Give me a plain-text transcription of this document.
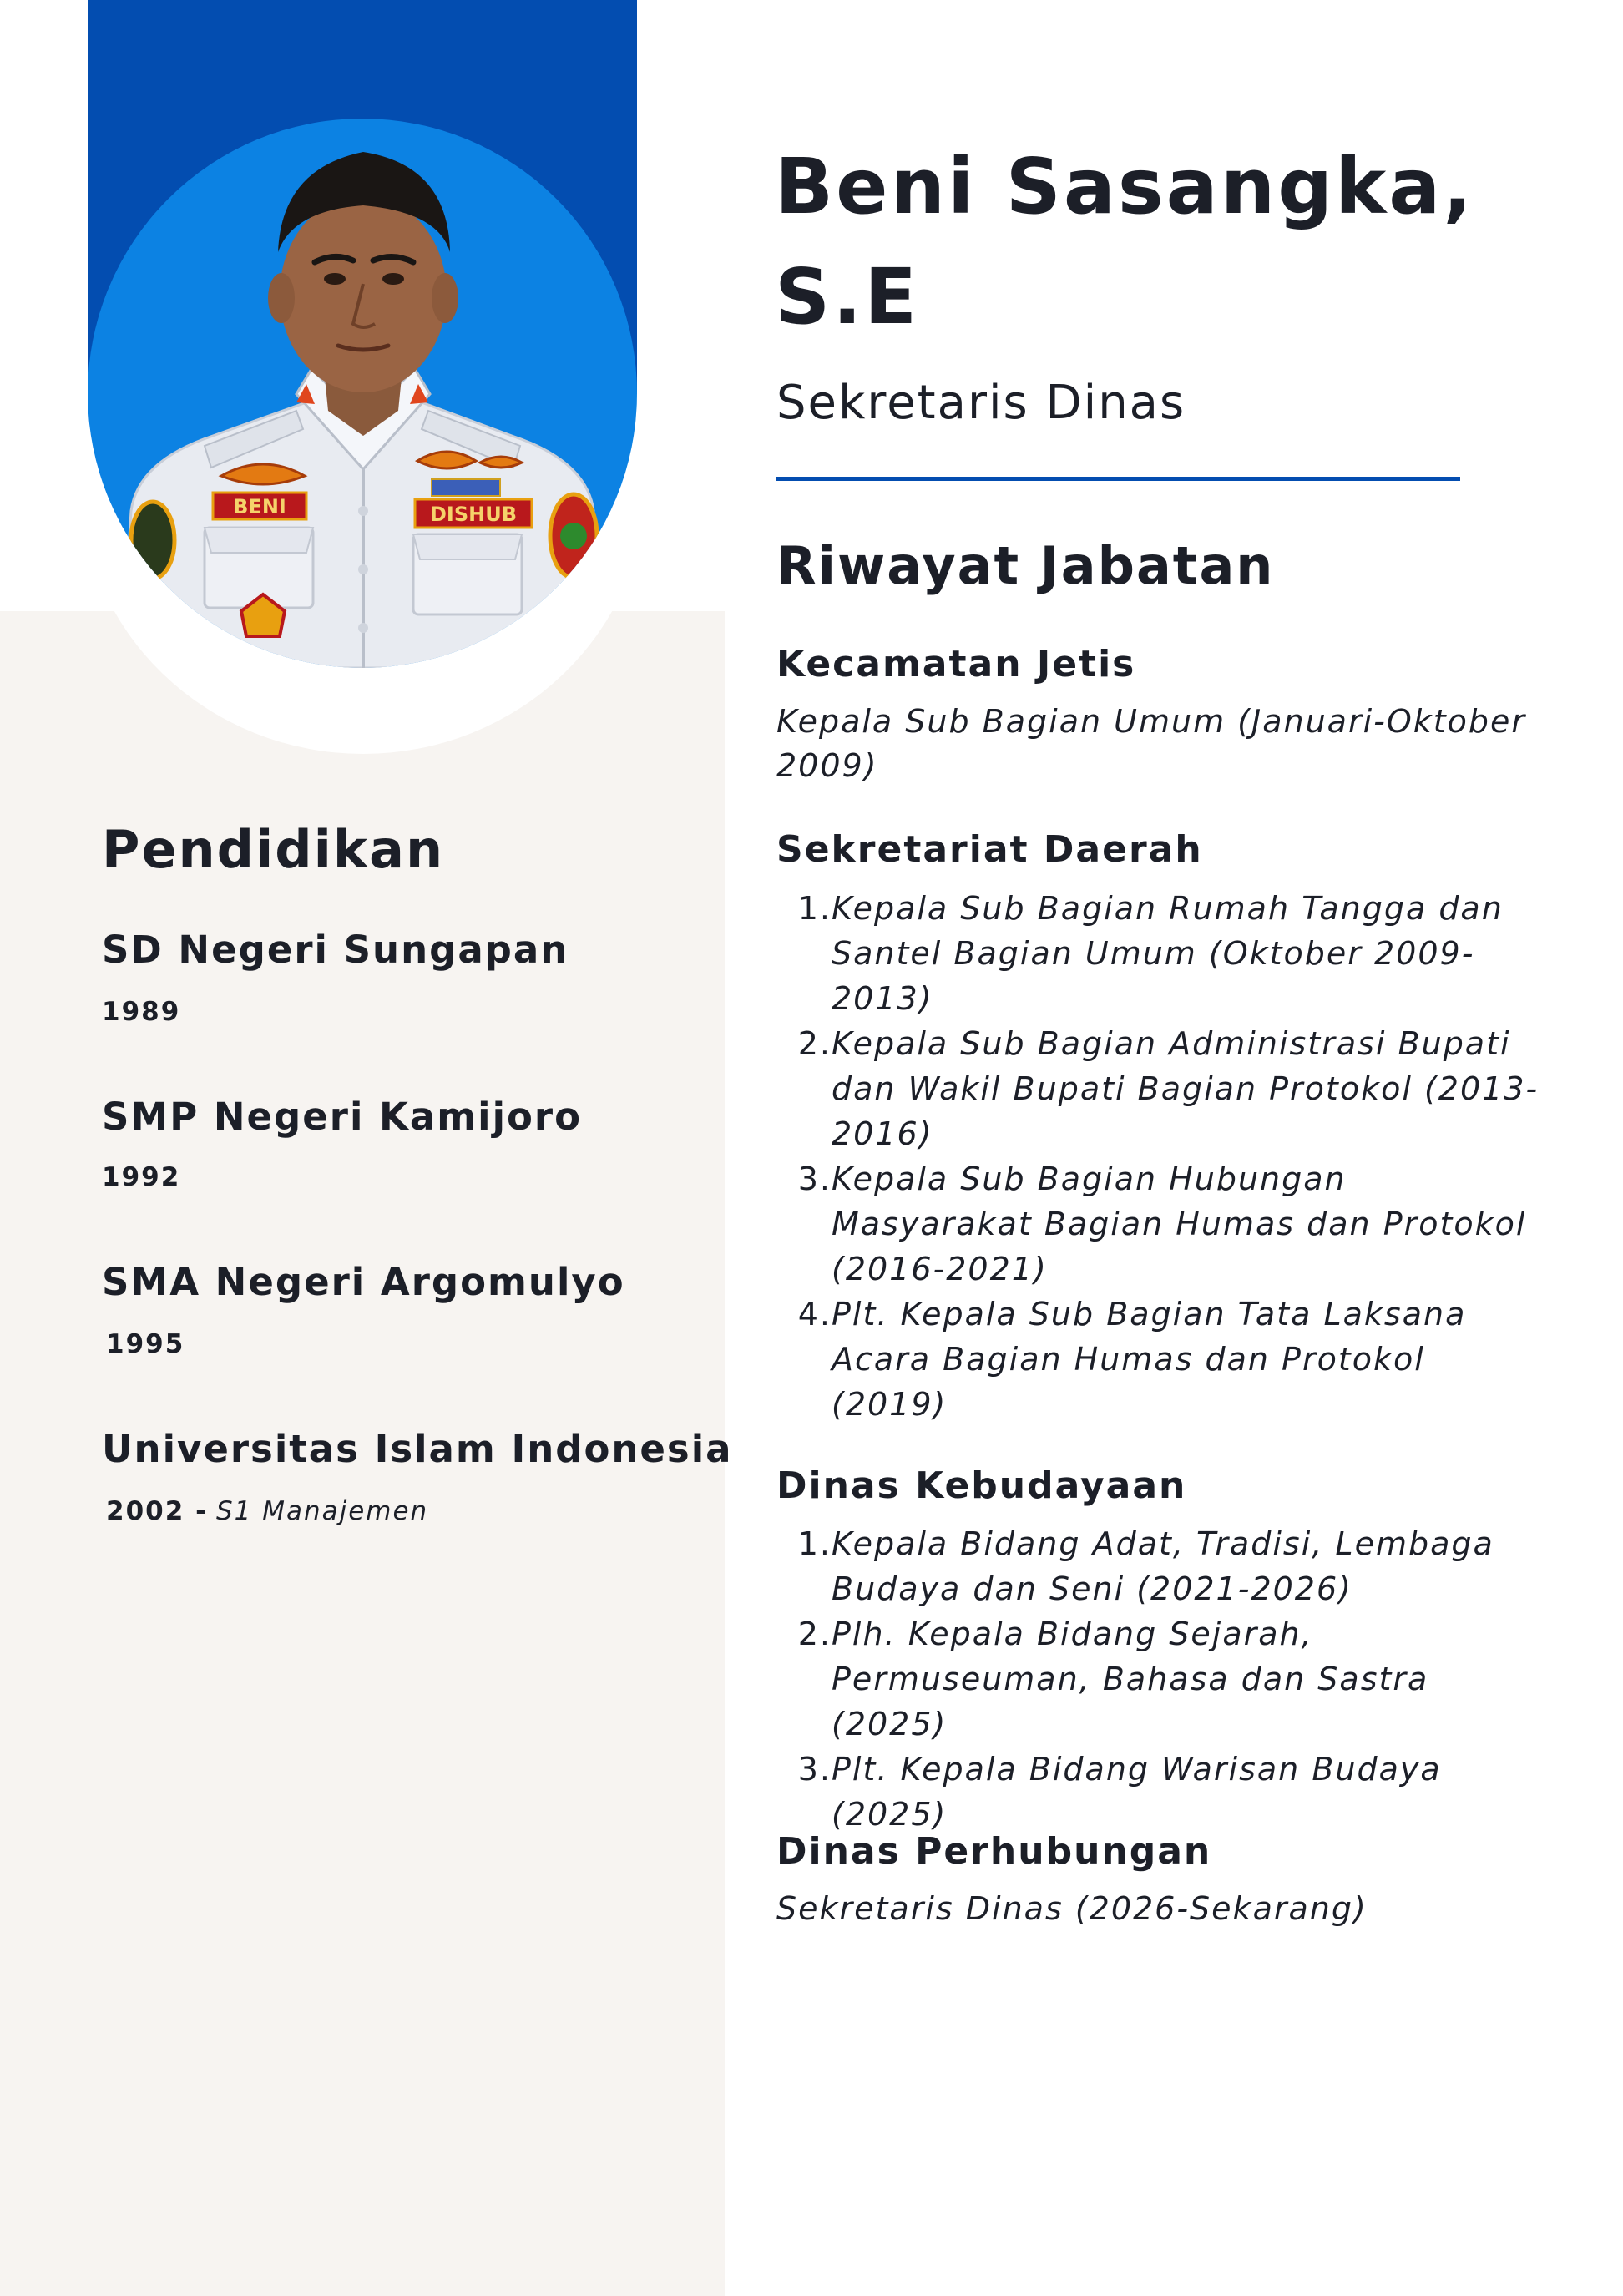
BENI	DISHUB
Beni Sasangka, S.E

Sekretaris Dinas

Riwayat Jabatan
Kecamatan Jetis

Kepala Sub Bagian Umum (Januari-Oktober 2009)

Sekretariat Daerah
1. Kepala Sub Bagian Rumah Tangga dan Santel Bagian Umum (Oktober 2009-2013)
2. Kepala Sub Bagian Administrasi Bupati dan Wakil Bupati Bagian Protokol (2013-2016)
3. Kepala Sub Bagian Hubungan Masyarakat Bagian Humas dan Protokol (2016-2021)
4. Plt. Kepala Sub Bagian Tata Laksana Acara Bagian Humas dan Protokol (2019)
Dinas Kebudayaan
1. Kepala Bidang Adat, Tradisi, Lembaga Budaya dan Seni (2021-2026)
2. Plh. Kepala Bidang Sejarah, Permuseuman, Bahasa dan Sastra (2025)
3. Plt. Kepala Bidang Warisan Budaya (2025)
Dinas Perhubungan

Sekretaris Dinas (2026-Sekarang)

Pendidikan
SD Negeri Sungapan

1989

SMP Negeri Kamijoro

1992

SMA Negeri Argomulyo

1995

Universitas Islam Indonesia

2002 - S1 Manajemen
